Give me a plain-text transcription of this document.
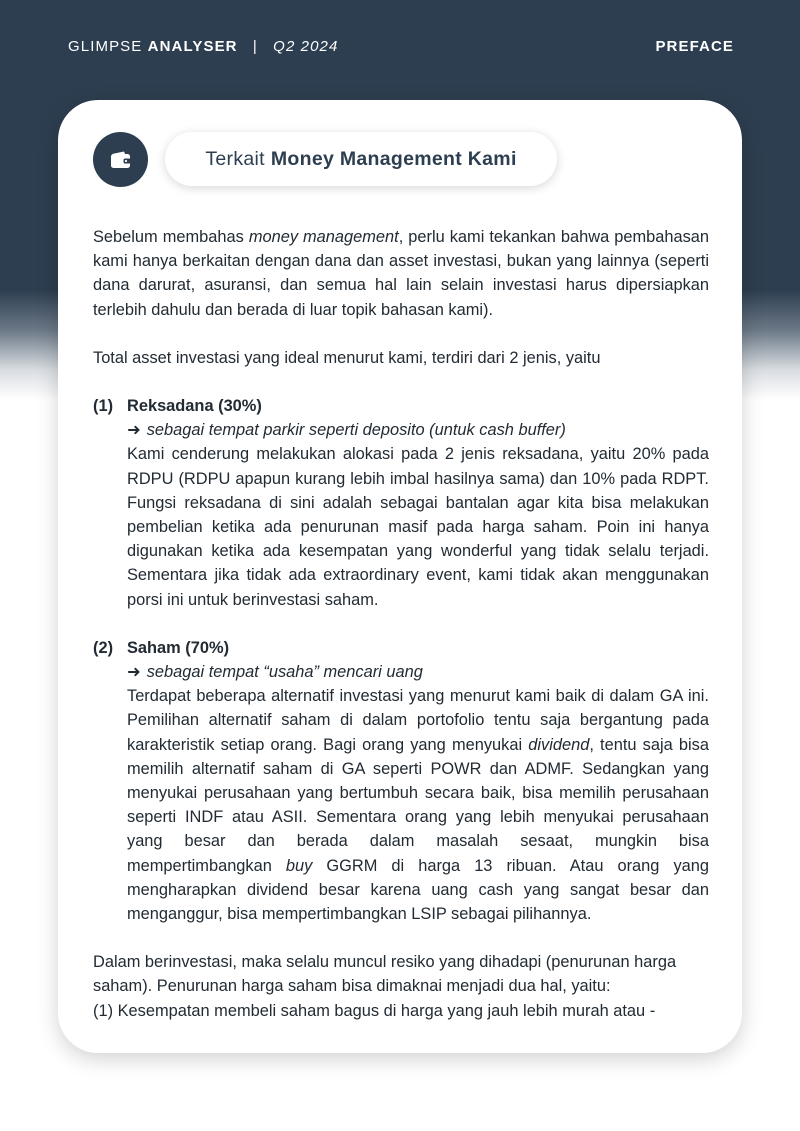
GLIMPSE ANALYSER | Q2 2024	PREFACE
Terkait Money Management Kami

Sebelum membahas money management, perlu kami tekankan bahwa pembahasan kami hanya berkaitan dengan dana dan asset investasi, bukan yang lainnya (seperti dana darurat, asuransi, dan semua hal lain selain investasi harus dipersiapkan terlebih dahulu dan berada di luar topik bahasan kami).

Total asset investasi yang ideal menurut kami, terdiri dari 2 jenis, yaitu

(1) Reksadana (30%)
➜ sebagai tempat parkir seperti deposito (untuk cash buffer)

Kami cenderung melakukan alokasi pada 2 jenis reksadana, yaitu 20% pada RDPU (RDPU apapun kurang lebih imbal hasilnya sama) dan 10% pada RDPT. Fungsi reksadana di sini adalah sebagai bantalan agar kita bisa melakukan pembelian ketika ada penurunan masif pada harga saham. Poin ini hanya digunakan ketika ada kesempatan yang wonderful yang tidak selalu terjadi. Sementara jika tidak ada extraordinary event, kami tidak akan menggunakan porsi ini untuk berinvestasi saham.

(2) Saham (70%)
➜ sebagai tempat “usaha” mencari uang

Terdapat beberapa alternatif investasi yang menurut kami baik di dalam GA ini. Pemilihan alternatif saham di dalam portofolio tentu saja bergantung pada karakteristik setiap orang. Bagi orang yang menyukai dividend, tentu saja bisa memilih alternatif saham di GA seperti POWR dan ADMF. Sedangkan yang menyukai perusahaan yang bertumbuh secara baik, bisa memilih perusahaan seperti INDF atau ASII. Sementara orang yang lebih menyukai perusahaan yang besar dan berada dalam masalah sesaat, mungkin bisa mempertimbangkan buy GGRM di harga 13 ribuan. Atau orang yang mengharapkan dividend besar karena uang cash yang sangat besar dan menganggur, bisa mempertimbangkan LSIP sebagai pilihannya.

Dalam berinvestasi, maka selalu muncul resiko yang dihadapi (penurunan harga saham). Penurunan harga saham bisa dimaknai menjadi dua hal, yaitu:

(1) Kesempatan membeli saham bagus di harga yang jauh lebih murah atau -
